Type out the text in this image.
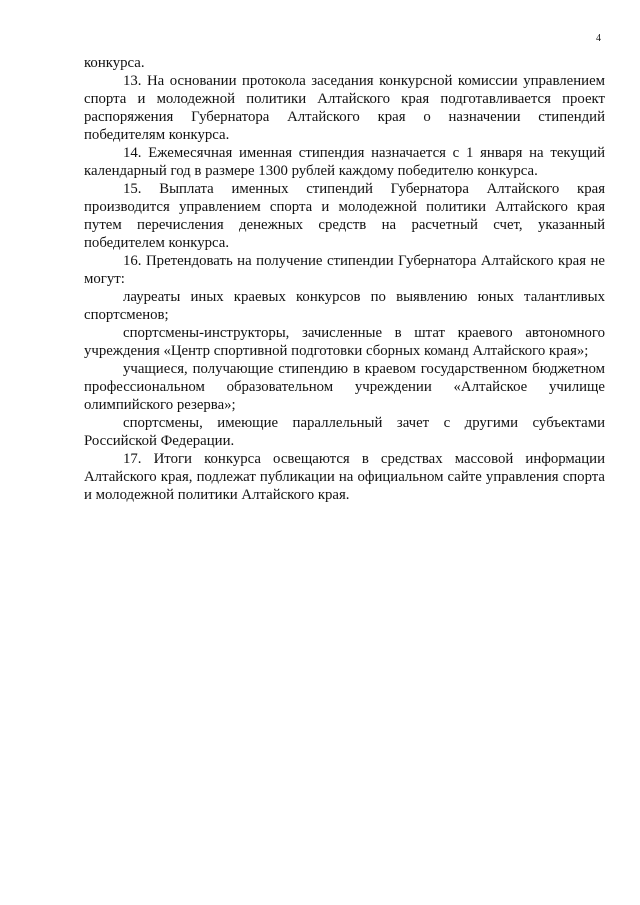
4

конкурса.

13. На основании протокола заседания конкурсной комиссии управлением спорта и молодежной политики Алтайского края подготавливается проект распоряжения Губернатора Алтайского края о назначении стипендий победителям конкурса.

14. Ежемесячная именная стипендия назначается с 1 января на текущий календарный год в размере 1300 рублей каждому победителю конкурса.

15. Выплата именных стипендий Губернатора Алтайского края производится управлением спорта и молодежной политики Алтайского края путем перечисления денежных средств на расчетный счет, указанный победителем конкурса.

16. Претендовать на получение стипендии Губернатора Алтайского края не могут:

лауреаты иных краевых конкурсов по выявлению юных талантливых спортсменов;

спортсмены-инструкторы, зачисленные в штат краевого автономного учреждения «Центр спортивной подготовки сборных команд Алтайского края»;

учащиеся, получающие стипендию в краевом государственном бюджетном профессиональном образовательном учреждении «Алтайское училище олимпийского резерва»;

спортсмены, имеющие параллельный зачет с другими субъектами Российской Федерации.

17. Итоги конкурса освещаются в средствах массовой информации Алтайского края, подлежат публикации на официальном сайте управления спорта и молодежной политики Алтайского края.
